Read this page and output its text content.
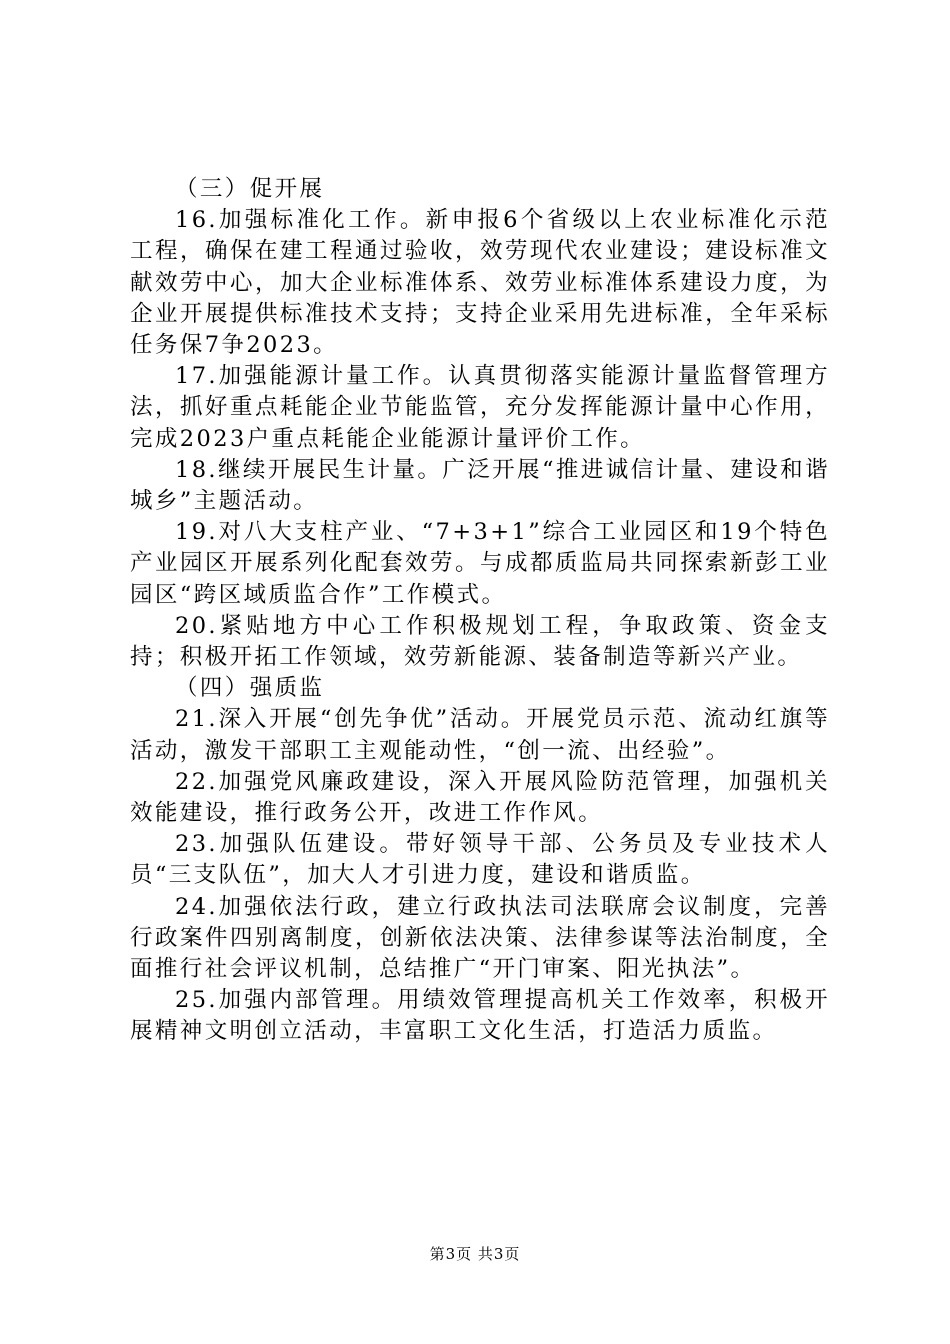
（三）促开展

16.加强标准化工作。新申报6个省级以上农业标准化示范工程，确保在建工程通过验收，效劳现代农业建设；建设标准文献效劳中心，加大企业标准体系、效劳业标准体系建设力度，为企业开展提供标准技术支持；支持企业采用先进标准，全年采标任务保7争2023。

17.加强能源计量工作。认真贯彻落实能源计量监督管理方法，抓好重点耗能企业节能监管，充分发挥能源计量中心作用，完成2023户重点耗能企业能源计量评价工作。

18.继续开展民生计量。广泛开展“推进诚信计量、建设和谐城乡”主题活动。

19.对八大支柱产业、“7+3+1”综合工业园区和19个特色产业园区开展系列化配套效劳。与成都质监局共同探索新彭工业园区“跨区域质监合作”工作模式。

20.紧贴地方中心工作积极规划工程，争取政策、资金支持；积极开拓工作领域，效劳新能源、装备制造等新兴产业。

（四）强质监

21.深入开展“创先争优”活动。开展党员示范、流动红旗等活动，激发干部职工主观能动性，“创一流、出经验”。

22.加强党风廉政建设，深入开展风险防范管理，加强机关效能建设，推行政务公开，改进工作作风。

23.加强队伍建设。带好领导干部、公务员及专业技术人员“三支队伍”，加大人才引进力度，建设和谐质监。

24.加强依法行政，建立行政执法司法联席会议制度，完善行政案件四别离制度，创新依法决策、法律参谋等法治制度，全面推行社会评议机制，总结推广“开门审案、阳光执法”。

25.加强内部管理。用绩效管理提高机关工作效率，积极开展精神文明创立活动，丰富职工文化生活，打造活力质监。

第3页 共3页
